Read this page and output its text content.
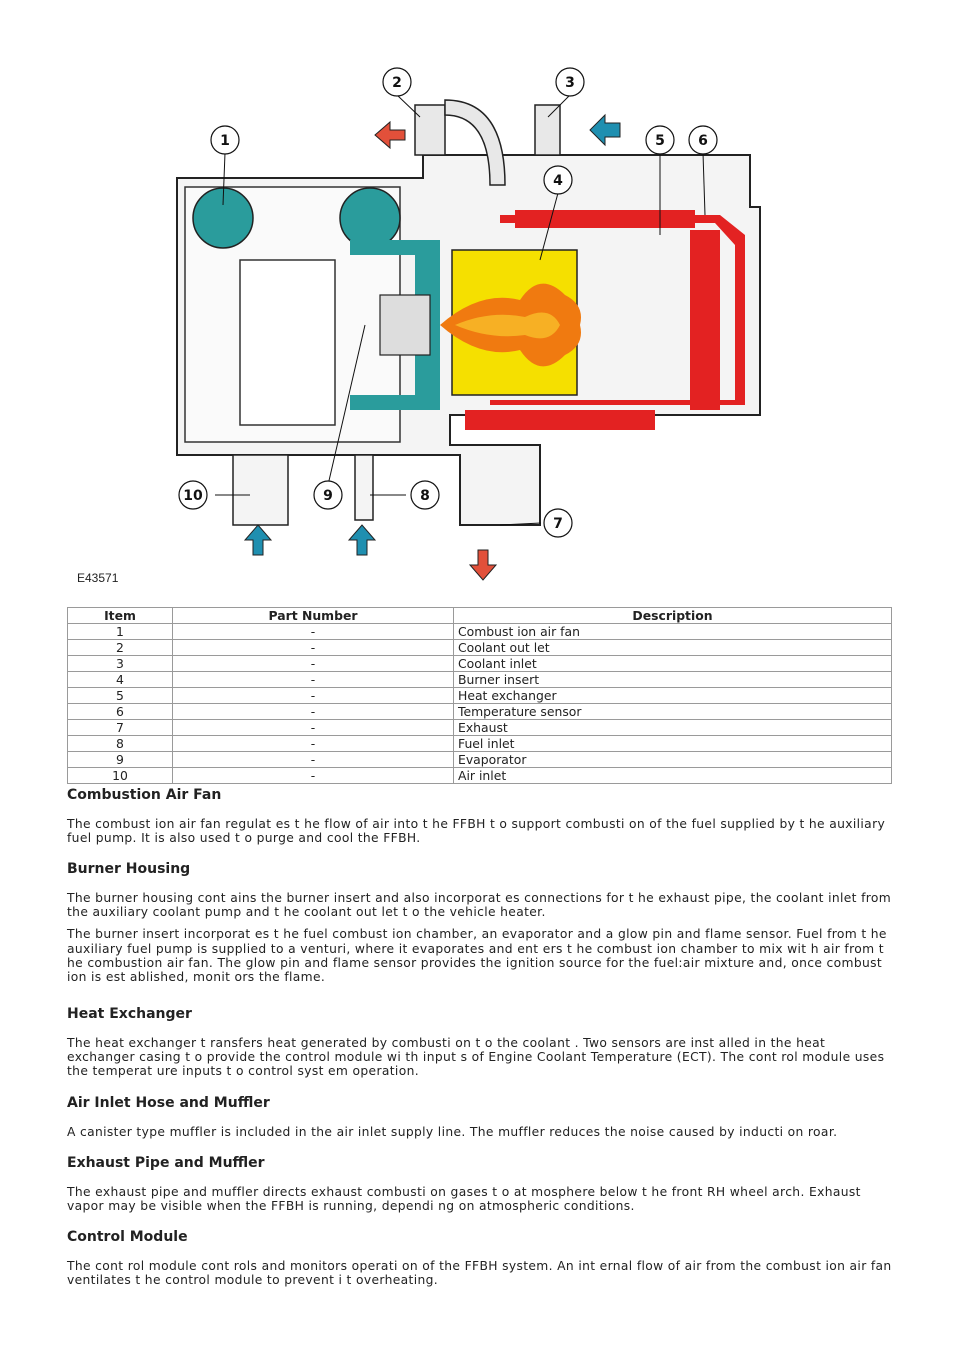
1
2	3
4
5 6
7
8
9
10
E43571
Item	Part Number	Description
1	-	Combust ion air fan
2	-	Coolant out let
3	-	Coolant inlet
4	-	Burner insert
5	-	Heat exchanger
6	-	Temperature sensor
7	-	Exhaust
8	-	Fuel inlet
9	-	Evaporator
10	-	Air inlet
Combustion Air Fan

The combust ion air fan regulat es t he flow of air into t he FFBH t o support combusti on of the fuel supplied by t he auxiliary fuel pump. It is also used t o purge and cool the FFBH.

Burner Housing

The burner housing cont ains the burner insert and also incorporat es connections for t he exhaust pipe, the coolant inlet from the auxiliary coolant pump and t he coolant out let t o the vehicle heater.

The burner insert incorporat es t he fuel combust ion chamber, an evaporator and a glow pin and flame sensor. Fuel from t he auxiliary fuel pump is supplied to a venturi, where it evaporates and ent ers t he combust ion chamber to mix wit h air from t he combustion air fan. The glow pin and flame sensor provides the ignition source for the fuel:air mixture and, once combust ion is est ablished, monit ors the flame.

Heat Exchanger

The heat exchanger t ransfers heat generated by combusti on t o the coolant . Two sensors are inst alled in the heat exchanger casing t o provide the control module wi th input s of Engine Coolant Temperature (ECT). The cont rol module uses the temperat ure inputs t o control syst em operation.

Air Inlet Hose and Muffler

A canister type muffler is included in the air inlet supply line. The muffler reduces the noise caused by inducti on roar.

Exhaust Pipe and Muffler

The exhaust pipe and muffler directs exhaust combusti on gases t o at mosphere below t he front RH wheel arch. Exhaust vapor may be visible when the FFBH is running, dependi ng on atmospheric conditions.

Control Module

The cont rol module cont rols and monitors operati on of the FFBH system. An int ernal flow of air from the combust ion air fan ventilates t he control module to prevent i t overheating.
